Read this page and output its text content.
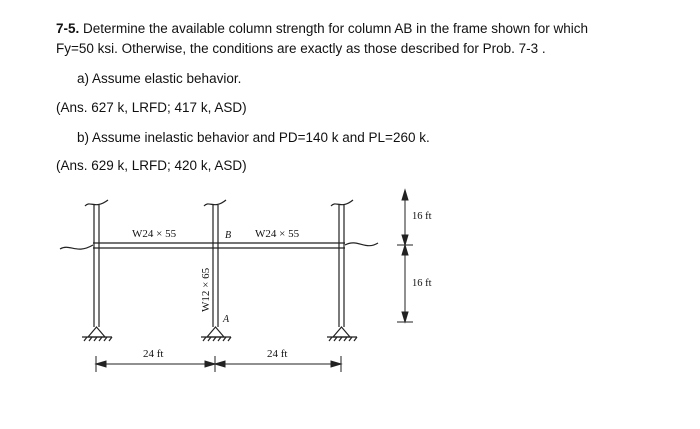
7-5. Determine the available column strength for column AB in the frame shown for which
Fy=50 ksi. Otherwise, the conditions are exactly as those described for Prob. 7-3 .
a) Assume elastic behavior.
(Ans. 627 k, LRFD; 417 k, ASD)
b) Assume inelastic behavior and PD=140 k and PL=260 k.
(Ans. 629 k, LRFD; 420 k, ASD)
W24 × 55	W24 × 55
B
A
W12 × 65
24 ft	24 ft
16 ft
16 ft
